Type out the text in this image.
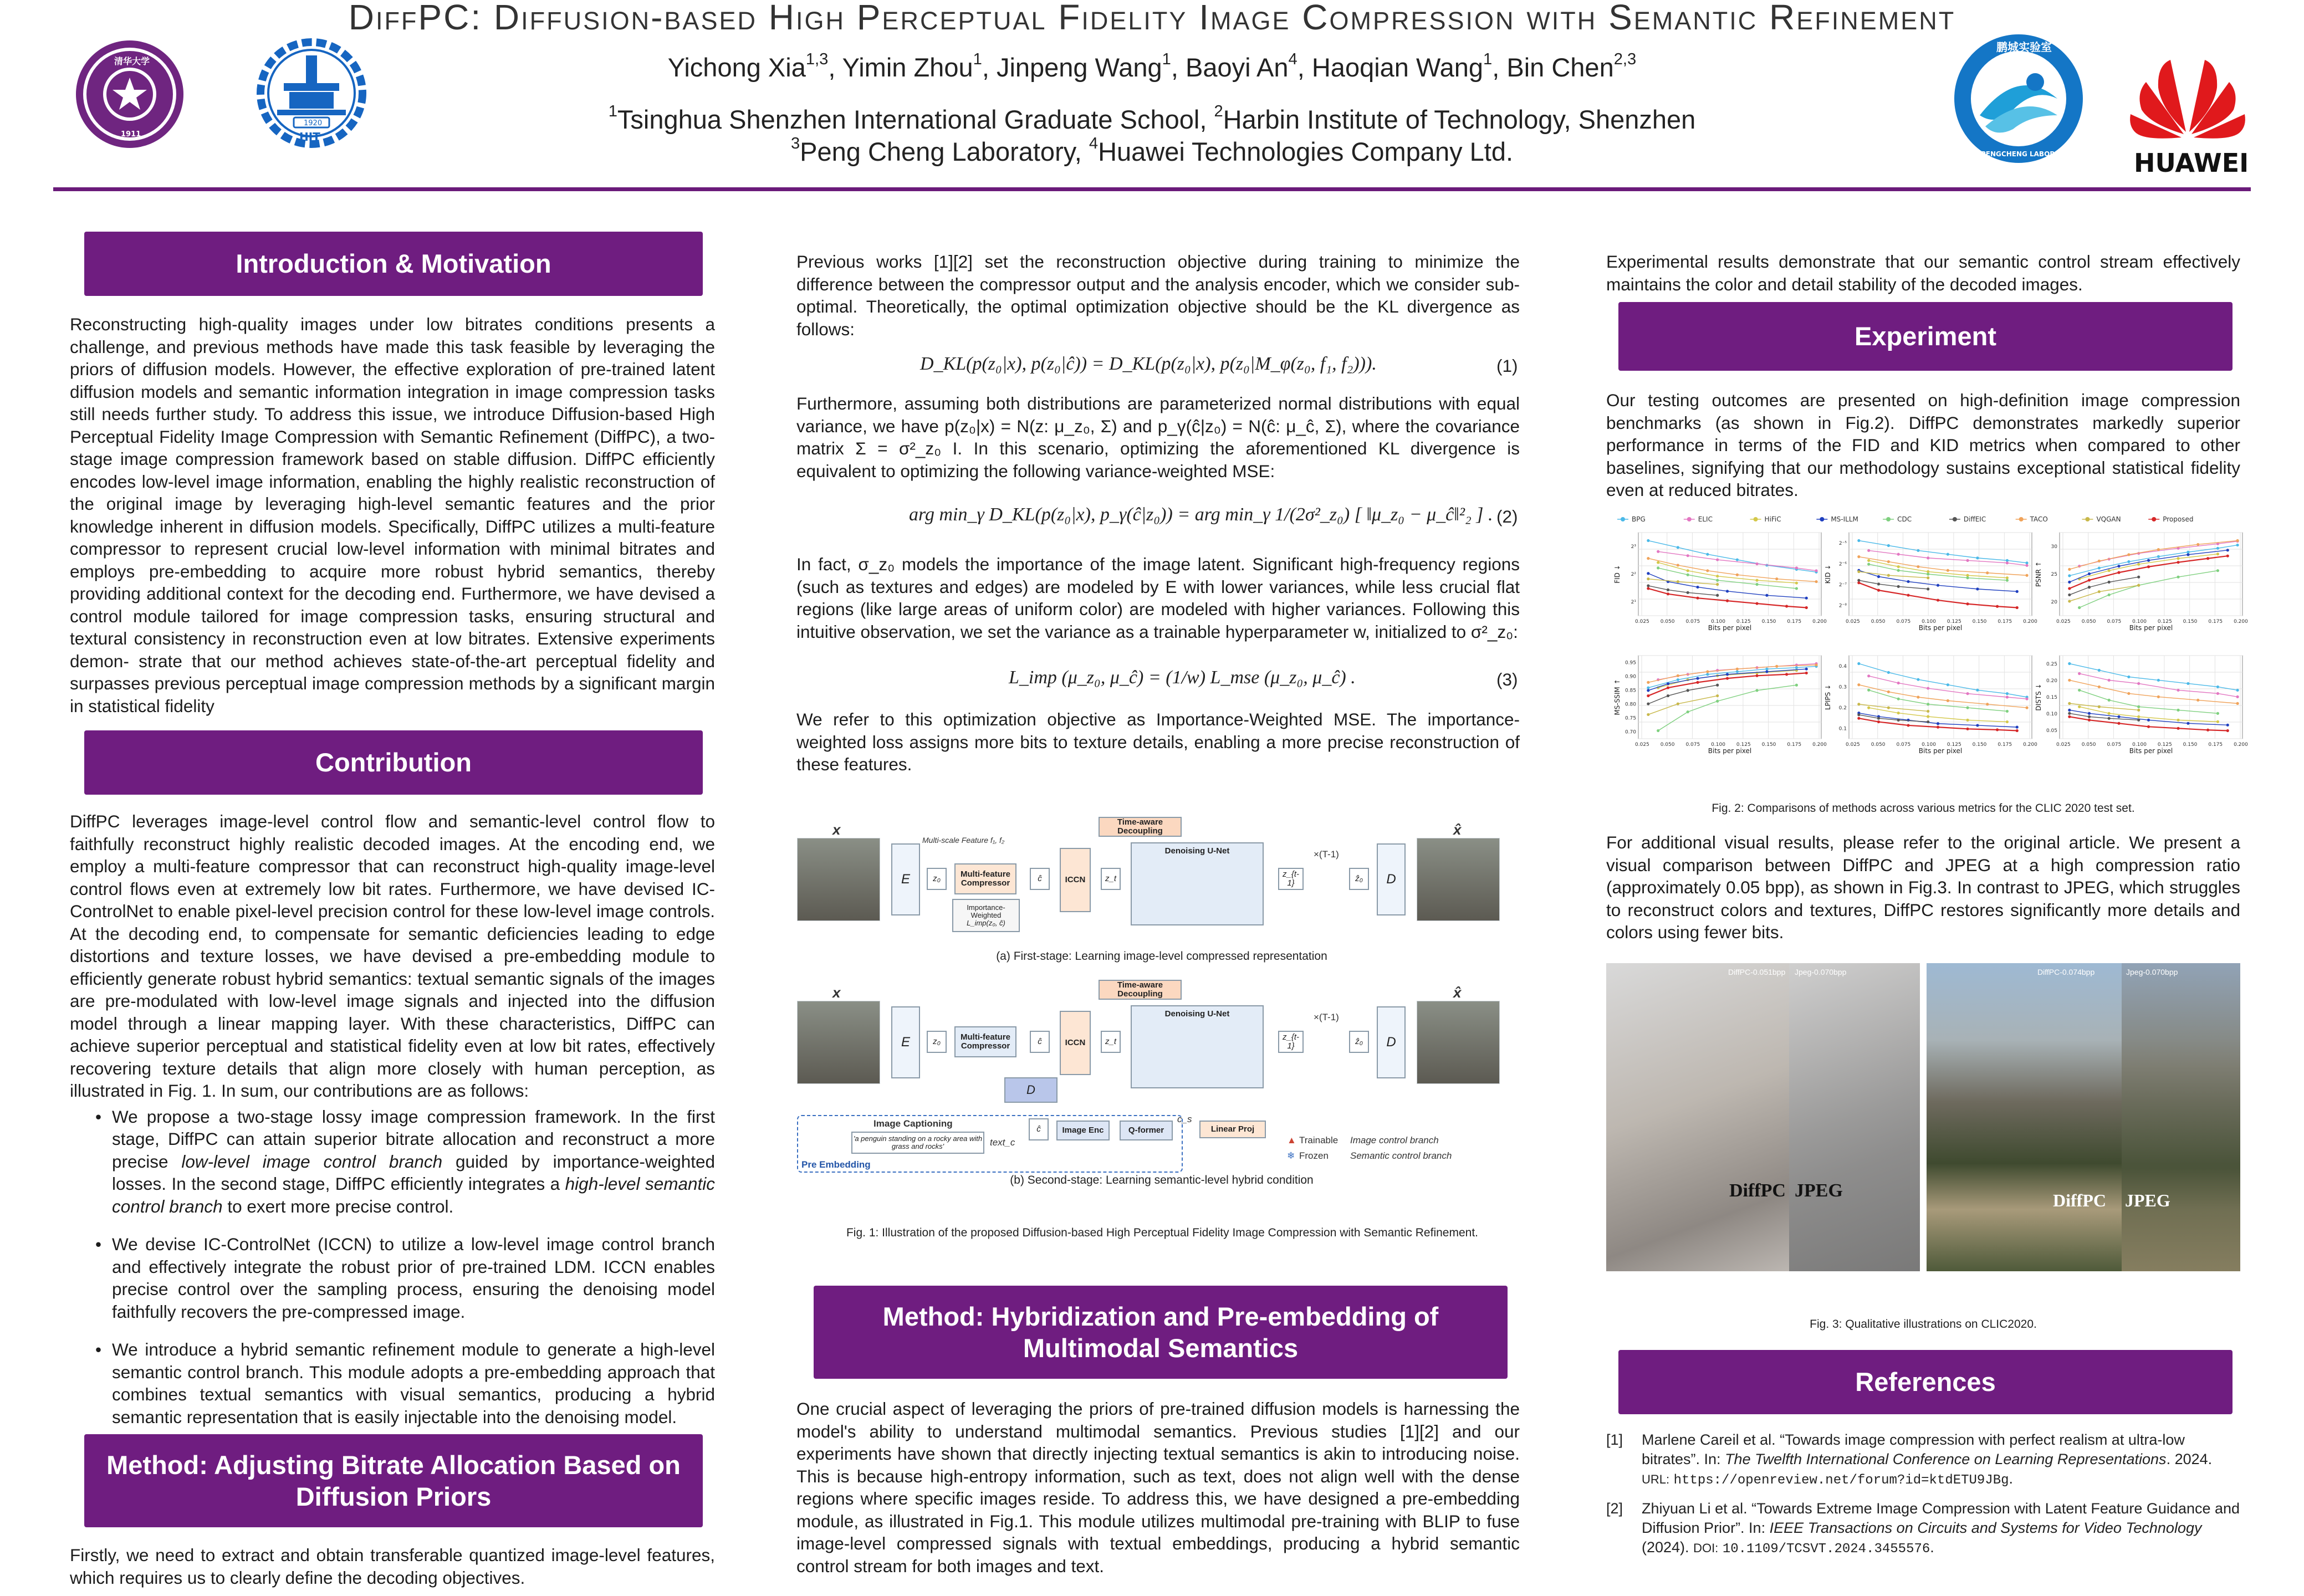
DiffPC: Diffusion-based High Perceptual Fidelity Image Compression with Semantic Refinement
Yichong Xia$^{1,3}$, Yimin Zhou$^1$, Jinpeng Wang$^1$, Baoyi An$^4$, Haoqian Wang$^1$, Bin Chen$^{2,3}$
$^1$Tsinghua Shenzhen International Graduate School, $^2$Harbin Institute of Technology, Shenzhen
$^3$Peng Cheng Laboratory, $^4$Huawei Technologies Company Ltd.
清华大学
1911
1920
HIT
鹏城实验室
PENGCHENG LABORATORY HUAWEI
Introduction & Motivation

Reconstructing high-quality images under low bitrates conditions presents a challenge, and previous methods have made this task feasible by leveraging the priors of diffusion models. However, the effective exploration of pre-trained latent diffusion models and semantic information integration in image compression tasks still needs further study. To address this issue, we introduce Diffusion-based High Perceptual Fidelity Image Compression with Semantic Refinement (DiffPC), a two-stage image compression framework based on stable diffusion. DiffPC efficiently encodes low-level image information, enabling the highly realistic reconstruction of the original image by leveraging high-level semantic features and the prior knowledge inherent in diffusion models. Specifically, DiffPC utilizes a multi-feature compressor to represent crucial low-level information with minimal bitrates and employs pre-embedding to acquire more robust hybrid semantics, thereby providing additional context for the decoding end. Furthermore, we have devised a control module tailored for image compression tasks, ensuring structural and textural consistency in reconstruction even at low bitrates. Extensive experiments demon- strate that our method achieves state-of-the-art perceptual fidelity and surpasses previous perceptual image compression methods by a significant margin in statistical fidelity

Contribution

DiffPC leverages image-level control flow and semantic-level control flow to faithfully reconstruct highly realistic decoded images. At the encoding end, we employ a multi-feature compressor that can reconstruct high-quality image-level control flows even at extremely low bit rates. Furthermore, we have devised IC-ControlNet to enable pixel-level precision control for these low-level image controls. At the decoding end, to compensate for semantic deficiencies leading to edge distortions and texture losses, we have devised a pre-embedding module to efficiently generate robust hybrid semantics: textual semantic signals of the images are pre-modulated with low-level image signals and injected into the diffusion model through a linear mapping layer. With these characteristics, DiffPC can achieve superior perceptual and statistical fidelity even at low bit rates, effectively recovering texture details that align more closely with human perception, as illustrated in Fig. 1. In sum, our contributions are as follows:

• We propose a two-stage lossy image compression framework. In the first stage, DiffPC can attain superior bitrate allocation and reconstruct a more precise low-level image control branch guided by importance-weighted losses. In the second stage, DiffPC efficiently integrates a high-level semantic control branch to exert more precise control.
• We devise IC-ControlNet (ICCN) to utilize a low-level image control branch and effectively integrate the robust prior of pre-trained LDM. ICCN enables precise control over the sampling process, ensuring the denoising model faithfully recovers the pre-compressed image.
• We introduce a hybrid semantic refinement module to generate a high-level semantic control branch. This module adopts a pre-embedding approach that combines textual semantics with visual semantics, producing a hybrid semantic representation that is easily injectable into the denoising model.
Method: Adjusting Bitrate Allocation Based on Diffusion Priors

Firstly, we need to extract and obtain transferable quantized image-level features, which requires us to clearly define the decoding objectives.

Previous works [1][2] set the reconstruction objective during training to minimize the difference between the compressor output and the analysis encoder, which we consider sub-optimal. Theoretically, the optimal optimization objective should be the KL divergence as follows:
D_KL(p(z₀|x), p(z₀|ĉ)) = D_KL(p(z₀|x), p(z₀|M_φ(z₀, f₁, f₂))).	(1)
Furthermore, assuming both distributions are parameterized normal distributions with equal variance, we have p(z₀|x) = N(z: μ_z₀, Σ) and p_γ(ĉ|z₀) = N(ĉ: μ_ĉ, Σ), where the covariance matrix Σ = σ²_z₀ I. In this scenario, optimizing the aforementioned KL divergence is equivalent to optimizing the following variance-weighted MSE:
arg min_γ D_KL(p(z₀|x), p_γ(ĉ|z₀)) = arg min_γ 1/(2σ²_z₀) [ ‖μ_z₀ − μ_ĉ‖²₂ ] . (2)
In fact, σ_z₀ models the importance of the image latent. Significant high-frequency regions (such as textures and edges) are modeled by E with lower variances, while less crucial flat regions (like large areas of uniform color) are modeled with higher variances. Following this intuitive observation, we set the variance as a trainable hyperparameter w, initialized to σ²_z₀:
L_imp (μ_z₀, μ_ĉ) = (1/w) L_mse (μ_z₀, μ_ĉ) .	(3)
We refer to this optimization objective as Importance-Weighted MSE. The importance-weighted loss assigns more bits to texture details, enabling a more precise reconstruction of these features.
x
E
Multi-scale Feature f₁, f₂
z₀	Multi-feature Compressor
Importance-Weighted
L_imp(z₀, ĉ)
ĉ	ICCN	z_t
Time-aware Decoupling
Denoising U-Net
z_{t-1}
×(T-1)
ẑ₀	D
x̂
(a) First-stage: Learning image-level compressed representation
x
E	z₀	Multi-feature Compressor	ĉ	ICCN
D
z_t
Time-aware Decoupling
Denoising U-Net
z_{t-1}
×(T-1)
ẑ₀	D
x̂
Pre Embedding
Image Captioning
'a penguin standing on a rocky area with grass and rocks'	text_c
ĉ	Image Enc	Q-former
c_s
Linear Proj
▲ Trainable
❄ Frozen
Image control branch
Semantic control branch
(b) Second-stage: Learning semantic-level hybrid condition
Fig. 1: Illustration of the proposed Diffusion-based High Perceptual Fidelity Image Compression with Semantic Refinement.
Method: Hybridization and Pre-embedding of Multimodal Semantics
One crucial aspect of leveraging the priors of pre-trained diffusion models is harnessing the model's ability to understand multimodal semantics. Previous studies [1][2] and our experiments have shown that directly injecting textual semantics is akin to introducing noise. This is because high-entropy information, such as text, does not align well with the dense regions where specific images reside. To address this, we have designed a pre-embedding module, as illustrated in Fig.1. This module utilizes multimodal pre-training with BLIP to fuse image-level compressed signals with textual embeddings, producing a hybrid semantic control stream for both images and text.
Experimental results demonstrate that our semantic control stream effectively maintains the color and detail stability of the decoded images.
Experiment
Our testing outcomes are presented on high-definition image compression benchmarks (as shown in Fig.2). DiffPC demonstrates markedly superior performance in terms of the FID and KID metrics when compared to other baselines, signifying that our methodology sustains exceptional statistical fidelity even at reduced bitrates.
BPG	ELIC	HiFiC	MS-ILLM	CDC	DiffEIC	TACO	VQGAN	Proposed
0.025 0.050 0.075 0.100 0.125 0.150 0.175 0.200
2¹
2²
2³
Bits per pixel
FID ↓
0.025 0.050 0.075 0.100 0.125 0.150 0.175 0.200
2⁻⁸
2⁻⁷
2⁻⁶
2⁻⁵
Bits per pixel
KID ↓
0.025 0.050 0.075 0.100 0.125 0.150 0.175 0.200
20
25
30
Bits per pixel
PSNR ↑
0.025 0.050 0.075 0.100 0.125 0.150 0.175 0.200
0.70
0.75
0.80
0.85
0.90
0.95
Bits per pixel
MS-SSIM ↑
0.025 0.050 0.075 0.100 0.125 0.150 0.175 0.200
0.1
0.2
0.3
0.4
Bits per pixel
LPIPS ↓
0.025 0.050 0.075 0.100 0.125 0.150 0.175 0.200
0.05
0.10
0.15
0.20
0.25
Bits per pixel
DISTS ↓
Fig. 2: Comparisons of methods across various metrics for the CLIC 2020 test set.
For additional visual results, please refer to the original article. We present a visual comparison between DiffPC and JPEG at a high compression ratio (approximately 0.05 bpp), as shown in Fig.3. In contrast to JPEG, which struggles to reconstruct colors and textures, DiffPC restores significantly more details and colors using fewer bits.
DiffPC-0.051bpp Jpeg-0.070bpp
DiffPC JPEG
DiffPC-0.074bpp	Jpeg-0.070bpp
DiffPC JPEG
Fig. 3: Qualitative illustrations on CLIC2020.
References
[1] Marlene Careil et al. “Towards image compression with perfect realism at ultra-low bitrates”. In: The Twelfth International Conference on Learning Representations. 2024. URL: https://openreview.net/forum?id=ktdETU9JBg.
[2] Zhiyuan Li et al. “Towards Extreme Image Compression with Latent Feature Guidance and Diffusion Prior”. In: IEEE Transactions on Circuits and Systems for Video Technology (2024). DOI: 10.1109/TCSVT.2024.3455576.
